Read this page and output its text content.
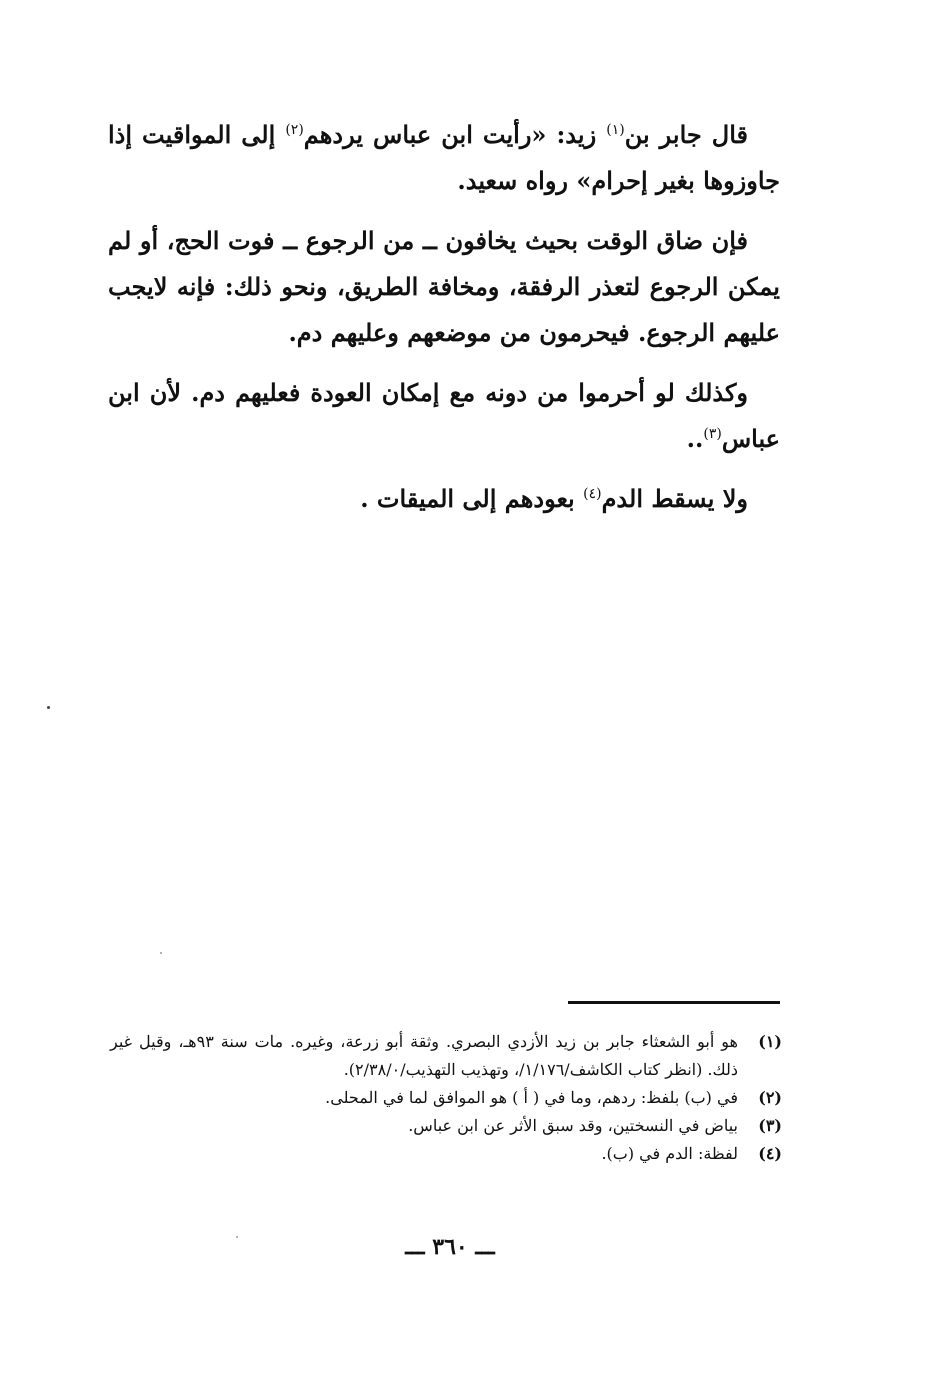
قال جابر بن$^{(١)}$ زيد: «رأيت ابن عباس يردهم$^{(٢)}$ إلى المواقيت إذا جاوزوها بغير إحرام» رواه سعيد.

فإن ضاق الوقت بحيث يخافون ــ من الرجوع ــ فوت الحج، أو لم يمكن الرجوع لتعذر الرفقة، ومخافة الطريق، ونحو ذلك: فإنه لايجب عليهم الرجوع. فيحرمون من موضعهم وعليهم دم.

وكذلك لو أحرموا من دونه مع إمكان العودة فعليهم دم. لأن ابن عباس$^{(٣)}$..

ولا يسقط الدم$^{(٤)}$ بعودهم إلى الميقات .

(١)
هو أبو الشعثاء جابر بن زيد الأزدي البصري. وثقة أبو زرعة، وغيره. مات سنة ٩٣هـ، وقيل غير ذلك. (انظر كتاب الكاشف/١/١٧٦/، وتهذيب التهذيب/٢/٣٨/٠).
(٢)
في (ب) بلفظ: ردهم، وما في ( أ ) هو الموافق لما في المحلى.
(٣)
بياض في النسختين، وقد سبق الأثر عن ابن عباس.
(٤)
لفظة: الدم في (ب).
ـــ ٣٦٠ ـــ
